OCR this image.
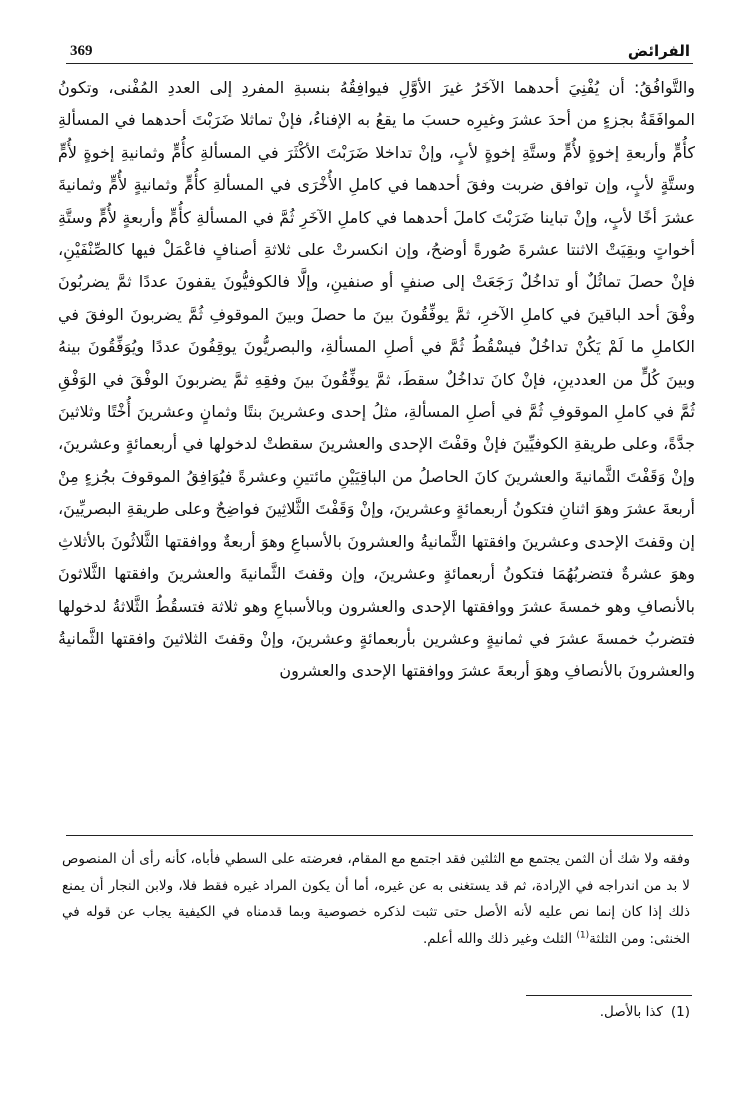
369	الفرائض

والتَّوافُقُ: أن يُفْنِيَ أحدهما الآخَرُ غيرَ الأوَّلِ فيوافِقُهُ بنسبةِ المفردِ إلى العددِ المُفْنى، وتكونُ الموافَقَةُ بجزءٍ من أحدَ عشرَ وغيرِه حسبَ ما يقعُ به الإفناءُ، فإنْ تماثلا ضَرَبْتَ أحدهما في المسألةِ كأُمٍّ وأربعةِ إخوةٍ لأُمٍّ وستَّةِ إخوةٍ لأبٍ، وإنْ تداخلا ضَرَبْتَ الأكْثَرَ في المسألةِ كأُمٍّ وثمانيةِ إخوةٍ لأُمٍّ وستَّةٍ لأبٍ، وإن توافق ضربت وفقَ أحدهما في كاملِ الأُخْرَى في المسألةِ كأُمٍّ وثمانيةٍ لأُمٍّ وثمانيةَ عشرَ أخًا لأبٍ، وإنْ تباينا ضَرَبْتَ كاملَ أحدهما في كاملِ الآخَرِ ثُمَّ في المسألةِ كأُمٍّ وأربعةٍ لأُمٍّ وستَّةِ أخواتٍ وبقِيَتْ الاثنتا عشرةَ صُورةً أوضحُ، وإن انكسرتْ على ثلاثةِ أصنافٍ فاعْمَلْ فيها كالصِّنْفَيْنِ، فإنْ حصلَ تماثُلٌ أو تداخُلٌ رَجَعَتْ إلى صنفٍ أو صنفينِ، وإلَّا فالكوفيُّونَ يقفونَ عددًا ثمَّ يضربُونَ وفْقَ أحد الباقينَ في كاملِ الآخرِ، ثمَّ يوفِّقُونَ بينَ ما حصلَ وبينَ الموقوفِ ثُمَّ يضربونَ الوفقَ في الكاملِ ما لَمْ يَكُنْ تداخُلٌ فيسْقُطُ ثُمَّ في أصلِ المسألةِ، والبصريُّونَ يوقِفُونَ عددًا ويُوَفِّقُونَ بينهُ وبينَ كُلٍّ من العددينِ، فإنْ كانَ تداخُلٌ سقطَ، ثمَّ يوفِّقُونَ بينَ وفقِهِ ثمَّ يضربونَ الوفْقَ في الوَفْقِ ثُمَّ في كاملِ الموقوفِ ثُمَّ في أصلِ المسألةِ، مثلُ إحدى وعشرينَ بنتًا وثمانٍ وعشرينَ أُخْتًا وثلاثينَ جدَّةً، وعلى طريقةِ الكوفيِّينَ فإنْ وقفْتَ الإحدى والعشرينَ سقطتْ لدخولها في أربعمائةٍ وعشرينَ، وإنْ وَقَفْتَ الثَّمانيةَ والعشرينَ كانَ الحاصلُ من الباقِيَيْنِ مائتينِ وعشرةً فيُوَافِقُ الموقوفَ بجُزءٍ مِنْ أربعةَ عشرَ وهوَ اثنانِ فتكونُ أربعمائةٍ وعشرينَ، وإنْ وَقَفْتَ الثَّلاثِينَ فواضِحٌ وعلى طريقةِ البصريِّينَ، إن وقفتَ الإحدى وعشرينَ وافقتها الثَّمانيةُ والعشرونَ بالأسباعِ وهوَ أربعةٌ ووافقتها الثَّلاثُونَ بالأثلاثِ وهوَ عشرةٌ فتضربُهُمَا فتكونُ أربعمائةٍ وعشرينَ، وإن وقفتَ الثَّمانيةَ والعشرينَ وافقتها الثَّلاثونَ بالأنصافِ وهو خمسةَ عشرَ ووافقتها الإحدى والعشرون وبالأسباعِ وهو ثلاثة فتسقُطُ الثَّلاثةُ لدخولها فتضربُ خمسةَ عشرَ في ثمانيةٍ وعشرين بأربعمائةٍ وعشرينَ، وإنْ وقفتَ الثلاثينَ وافقتها الثَّمانيةُ والعشرونَ بالأنصافِ وهوَ أربعةَ عشرَ ووافقتها الإحدى والعشرون

وفقه ولا شك أن الثمن يجتمع مع الثلثين فقد اجتمع مع المقام، فعرضته على السطي فأباه، كأنه رأى أن المنصوص لا بد من اندراجه في الإرادة، ثم قد يستغنى به عن غيره، أما أن يكون المراد غيره فقط فلا، ولابن النجار أن يمنع ذلك إذا كان إنما نص عليه لأنه الأصل حتى تثبت لذكره خصوصية وبما قدمناه في الكيفية يجاب عن قوله في الخنثى: ومن الثلثة$^{(1)}$ الثلث وغير ذلك والله أعلم.

(1)كذا بالأصل.
